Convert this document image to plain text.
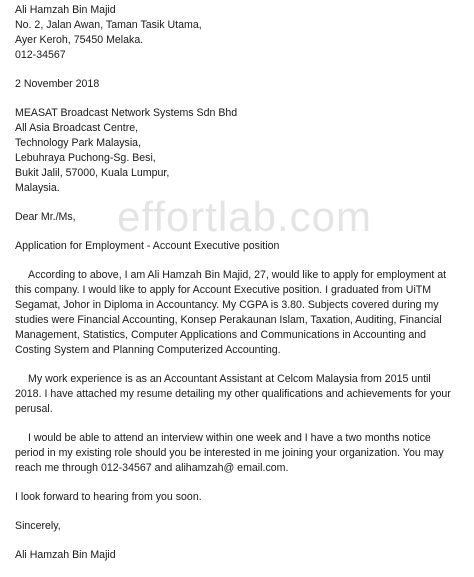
Ali Hamzah Bin Majid
No. 2, Jalan Awan, Taman Tasik Utama,
Ayer Keroh, 75450 Melaka.
012-34567
2 November 2018
MEASAT Broadcast Network Systems Sdn Bhd
All Asia Broadcast Centre,
Technology Park Malaysia,
Lebuhraya Puchong-Sg. Besi,
Bukit Jalil, 57000, Kuala Lumpur,
Malaysia.
Dear Mr./Ms,
Application for Employment - Account Executive position

According to above, I am Ali Hamzah Bin Majid, 27, would like to apply for employment at this company. I would like to apply for Account Executive position. I graduated from UiTM Segamat, Johor in Diploma in Accountancy. My CGPA is 3.80. Subjects covered during my studies were Financial Accounting, Konsep Perakaunan Islam, Taxation, Auditing, Financial Management, Statistics, Computer Applications and Communications in Accounting and Costing System and Planning Computerized Accounting.

My work experience is as an Accountant Assistant at Celcom Malaysia from 2015 until 2018. I have attached my resume detailing my other qualifications and achievements for your perusal.

I would be able to attend an interview within one week and I have a two months notice period in my existing role should you be interested in me joining your organization. You may reach me through 012-34567 and alihamzah@ email.com.

I look forward to hearing from you soon.

Sincerely,
Ali Hamzah Bin Majid
effortlab.com
